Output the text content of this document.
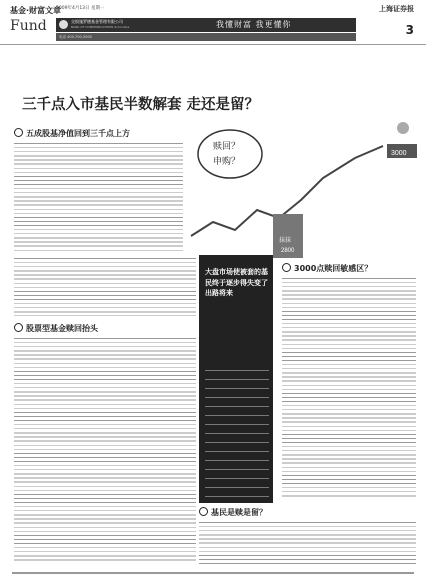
基金·财富文章
Fund
2009年4月13日 星期一	上海证券报
3
交银施罗德基金管理有限公司
BANK OF COMMUNICATIONS Schroders	我懂财富 我更懂你
电话 400-700-5000
三千点入市基民半数解套 走还是留？
五成股基净值回到三千点上方
股票型基金赎回抬头
赎回？
申购？
3000
抹抹
2800
大盘市场使被套的基民终于逐步得失变了出路将来
3000点赎回敏感区？
基民是赎是留？
